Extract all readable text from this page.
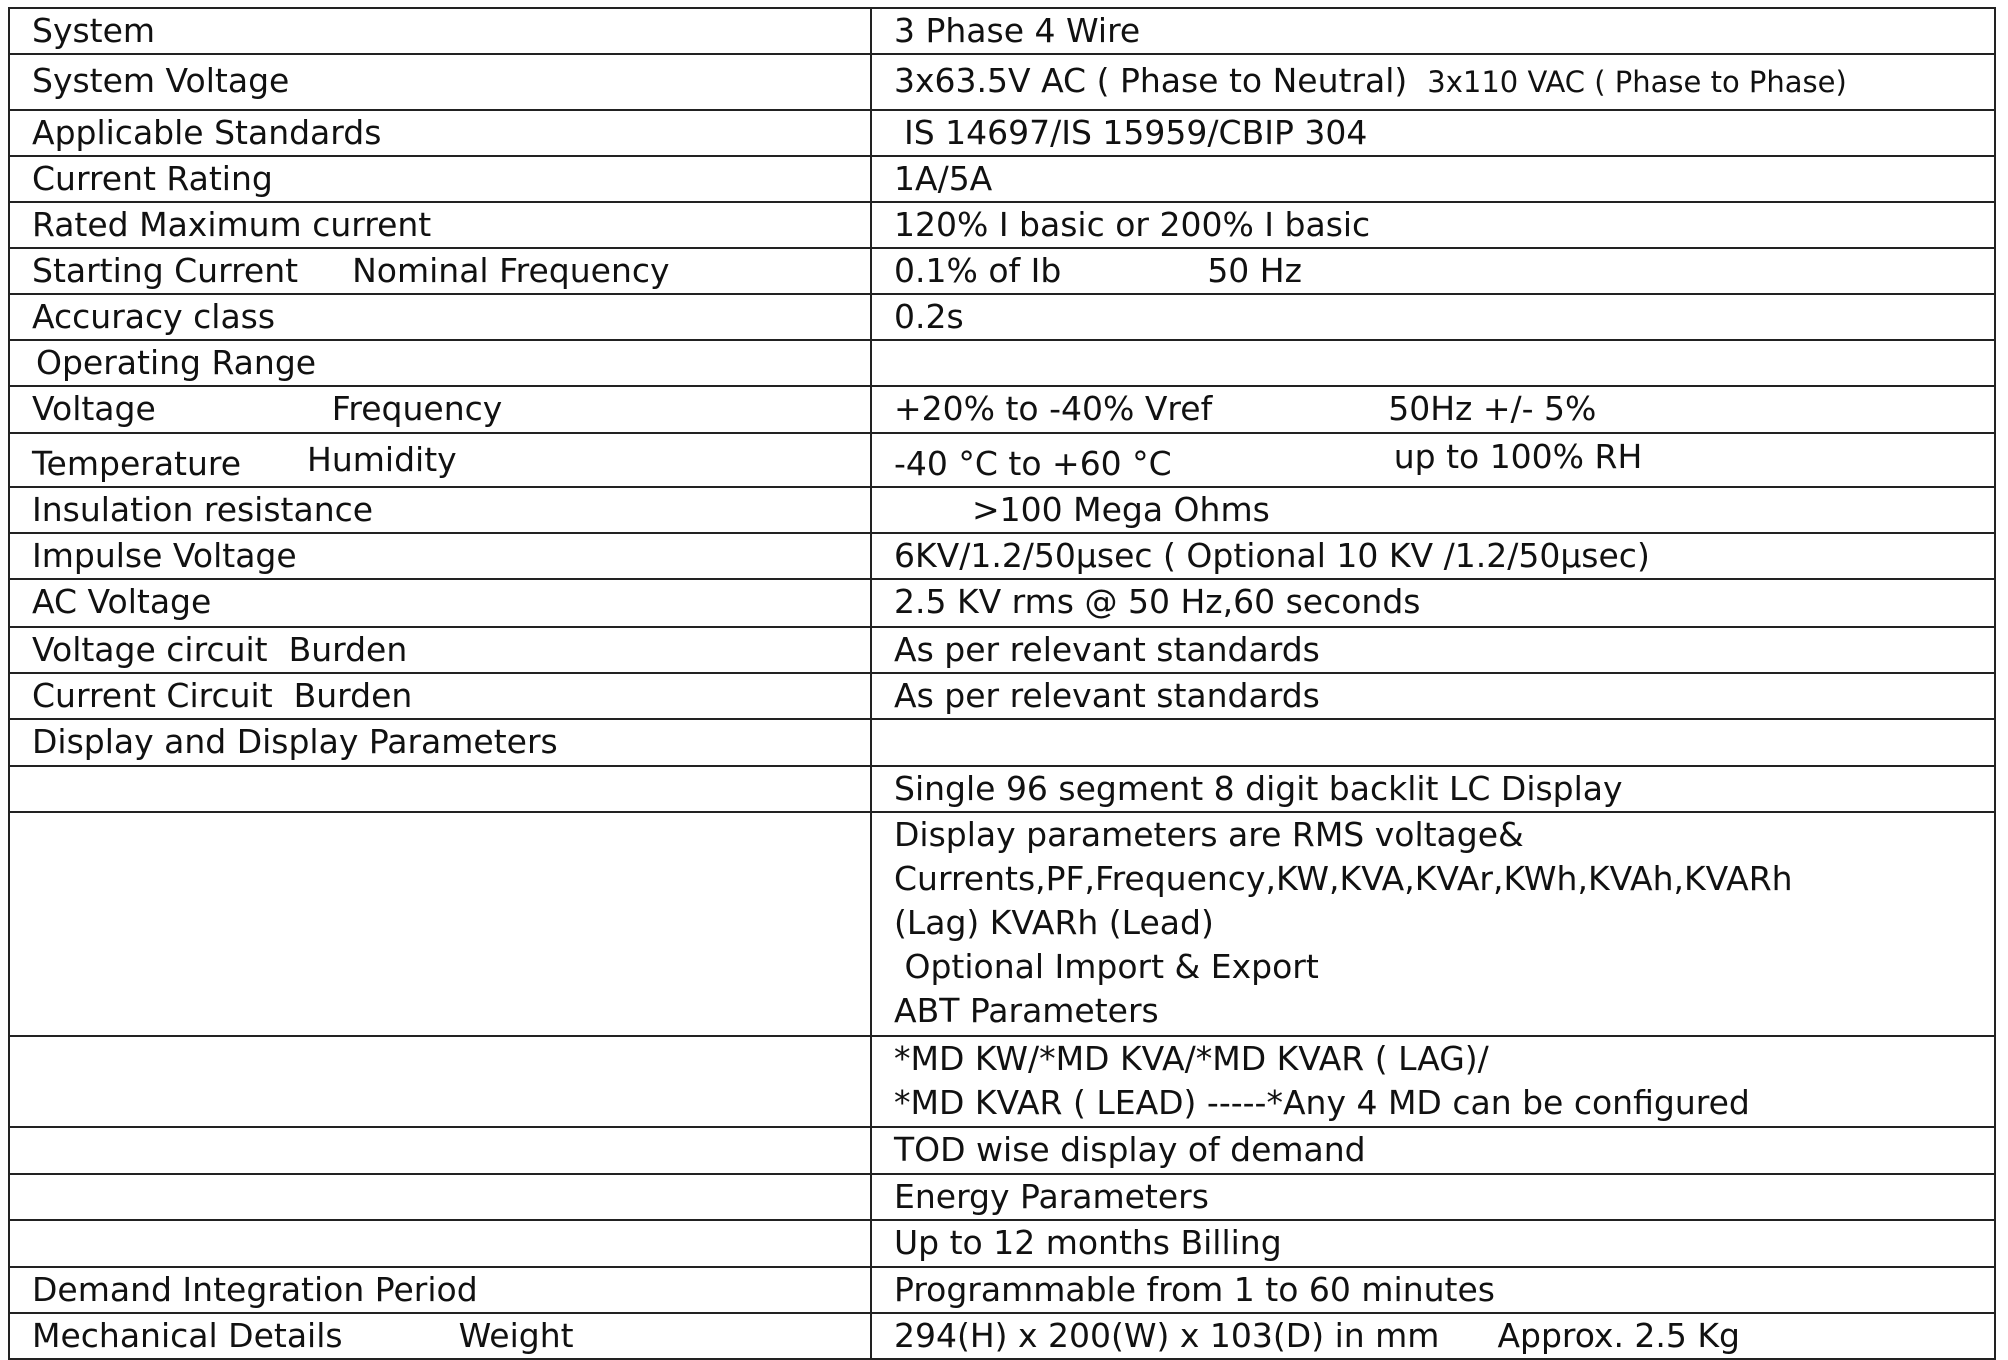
System	3 Phase 4 Wire
System Voltage	3x63.5V AC ( Phase to Neutral) 3x110 VAC ( Phase to Phase)
Applicable Standards	IS 14697/IS 15959/CBIP 304
Current Rating	1A/5A
Rated Maximum current	120% I basic or 200% I basic
Starting Current Nominal Frequency	0.1% of Ib 50 Hz
Accuracy class	0.2s
Operating Range	
Voltage Frequency	+20% to -40% Vref 50Hz +/- 5%
Temperature Humidity	-40 °C to +60 °C up to 100% RH
Insulation resistance	>100 Mega Ohms
Impulse Voltage	6KV/1.2/50µsec ( Optional 10 KV /1.2/50µsec)
AC Voltage	2.5 KV rms @ 50 Hz,60 seconds
Voltage circuit  Burden	As per relevant standards
Current Circuit  Burden	As per relevant standards
Display and Display Parameters	
	Single 96 segment 8 digit backlit LC Display

	Display parameters are RMS voltage&
Currents,PF,Frequency,KW,KVA,KVAr,KWh,KVAh,KVARh
(Lag) KVARh (Lead)
Optional Import & Export
ABT Parameters

	*MD KW/*MD KVA/*MD KVAR ( LAG)/
*MD KVAR ( LEAD) -----*Any 4 MD can be configured

	TOD wise display of demand
	Energy Parameters
	Up to 12 months Billing
Demand Integration Period	Programmable from 1 to 60 minutes
Mechanical Details Weight	294(H) x 200(W) x 103(D) in mm Approx. 2.5 Kg
